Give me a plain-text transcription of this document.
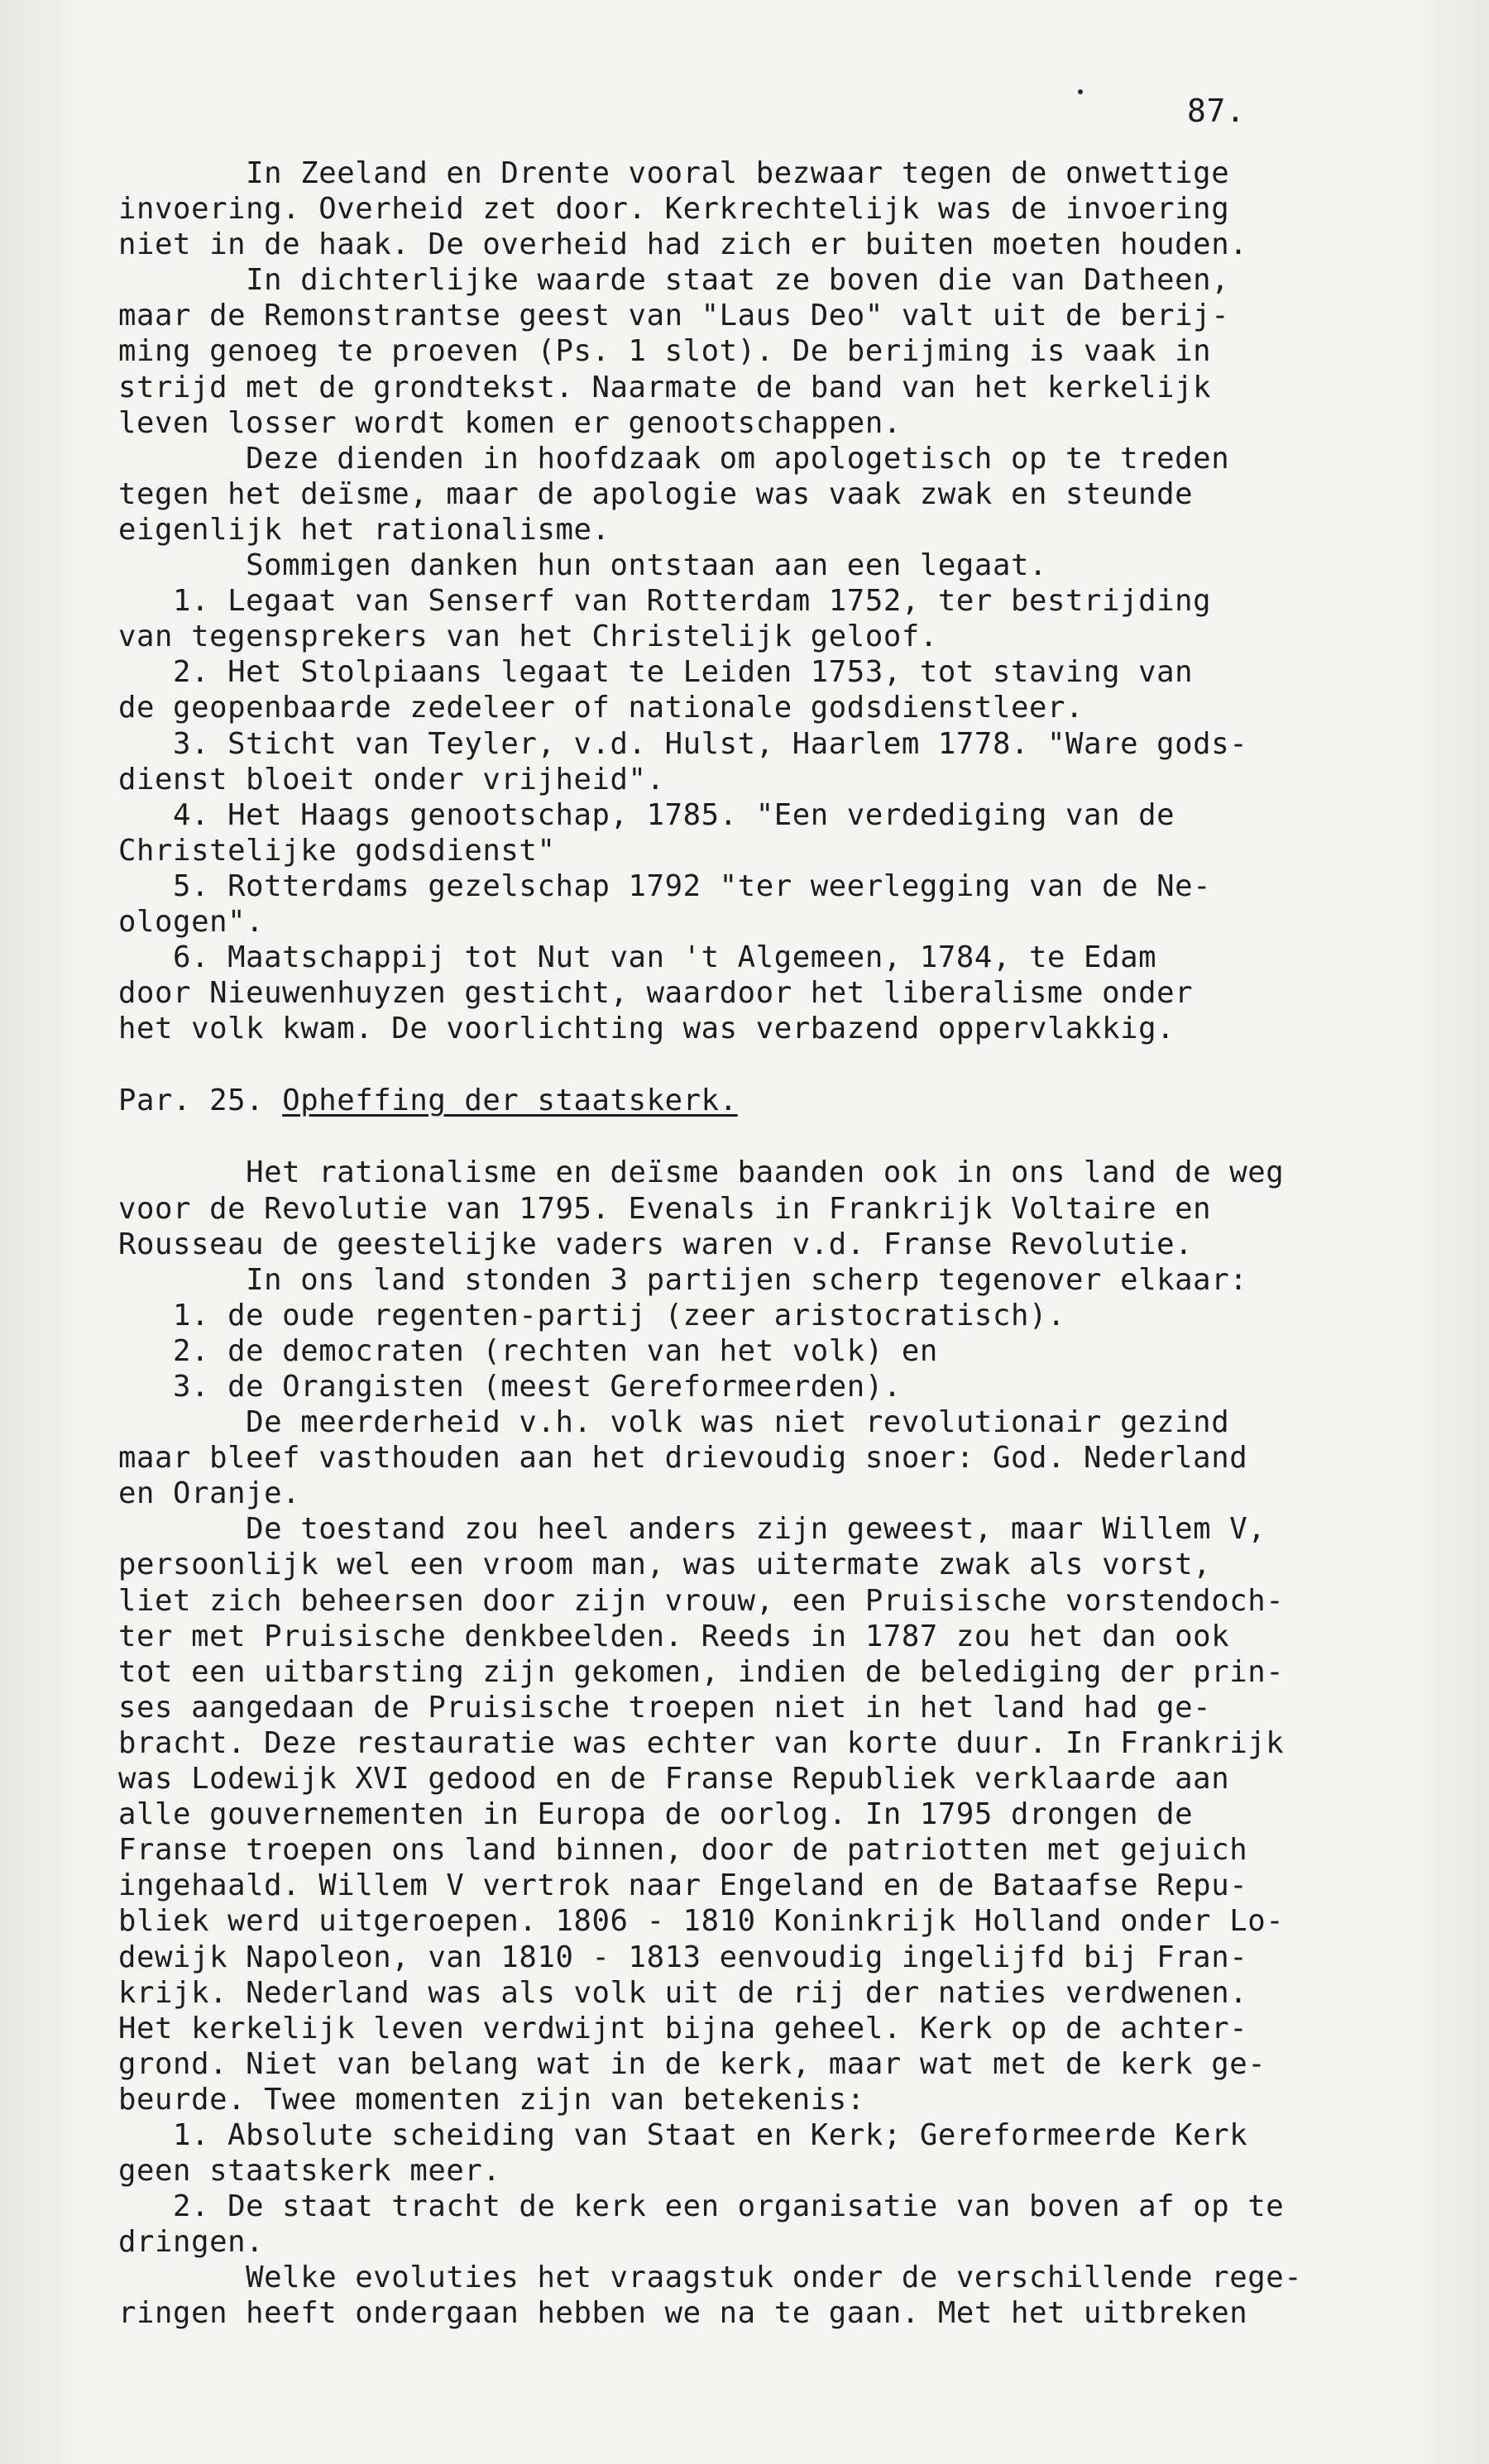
87.
In Zeeland en Drente vooral bezwaar tegen de onwettige
invoering. Overheid zet door. Kerkrechtelijk was de invoering
niet in de haak. De overheid had zich er buiten moeten houden.
In dichterlijke waarde staat ze boven die van Datheen,
maar de Remonstrantse geest van "Laus Deo" valt uit de berij-
ming genoeg te proeven (Ps. 1 slot). De berijming is vaak in
strijd met de grondtekst. Naarmate de band van het kerkelijk
leven losser wordt komen er genootschappen.
Deze dienden in hoofdzaak om apologetisch op te treden
tegen het deïsme, maar de apologie was vaak zwak en steunde
eigenlijk het rationalisme.
Sommigen danken hun ontstaan aan een legaat.
1. Legaat van Senserf van Rotterdam 1752, ter bestrijding
van tegensprekers van het Christelijk geloof.
2. Het Stolpiaans legaat te Leiden 1753, tot staving van
de geopenbaarde zedeleer of nationale godsdienstleer.
3. Sticht van Teyler, v.d. Hulst, Haarlem 1778. "Ware gods-
dienst bloeit onder vrijheid".
4. Het Haags genootschap, 1785. "Een verdediging van de
Christelijke godsdienst"
5. Rotterdams gezelschap 1792 "ter weerlegging van de Ne-
ologen".
6. Maatschappij tot Nut van 't Algemeen, 1784, te Edam
door Nieuwenhuyzen gesticht, waardoor het liberalisme onder
het volk kwam. De voorlichting was verbazend oppervlakkig.
Par. 25. Opheffing der staatskerk.
Het rationalisme en deïsme baanden ook in ons land de weg
voor de Revolutie van 1795. Evenals in Frankrijk Voltaire en
Rousseau de geestelijke vaders waren v.d. Franse Revolutie.
In ons land stonden 3 partijen scherp tegenover elkaar:
1. de oude regenten-partij (zeer aristocratisch).
2. de democraten (rechten van het volk) en
3. de Orangisten (meest Gereformeerden).
De meerderheid v.h. volk was niet revolutionair gezind
maar bleef vasthouden aan het drievoudig snoer: God. Nederland
en Oranje.
De toestand zou heel anders zijn geweest, maar Willem V,
persoonlijk wel een vroom man, was uitermate zwak als vorst,
liet zich beheersen door zijn vrouw, een Pruisische vorstendoch-
ter met Pruisische denkbeelden. Reeds in 1787 zou het dan ook
tot een uitbarsting zijn gekomen, indien de belediging der prin-
ses aangedaan de Pruisische troepen niet in het land had ge-
bracht. Deze restauratie was echter van korte duur. In Frankrijk
was Lodewijk XVI gedood en de Franse Republiek verklaarde aan
alle gouvernementen in Europa de oorlog. In 1795 drongen de
Franse troepen ons land binnen, door de patriotten met gejuich
ingehaald. Willem V vertrok naar Engeland en de Bataafse Repu-
bliek werd uitgeroepen. 1806 - 1810 Koninkrijk Holland onder Lo-
dewijk Napoleon, van 1810 - 1813 eenvoudig ingelijfd bij Fran-
krijk. Nederland was als volk uit de rij der naties verdwenen.
Het kerkelijk leven verdwijnt bijna geheel. Kerk op de achter-
grond. Niet van belang wat in de kerk, maar wat met de kerk ge-
beurde. Twee momenten zijn van betekenis:
1. Absolute scheiding van Staat en Kerk; Gereformeerde Kerk
geen staatskerk meer.
2. De staat tracht de kerk een organisatie van boven af op te
dringen.
Welke evoluties het vraagstuk onder de verschillende rege-
ringen heeft ondergaan hebben we na te gaan. Met het uitbreken
